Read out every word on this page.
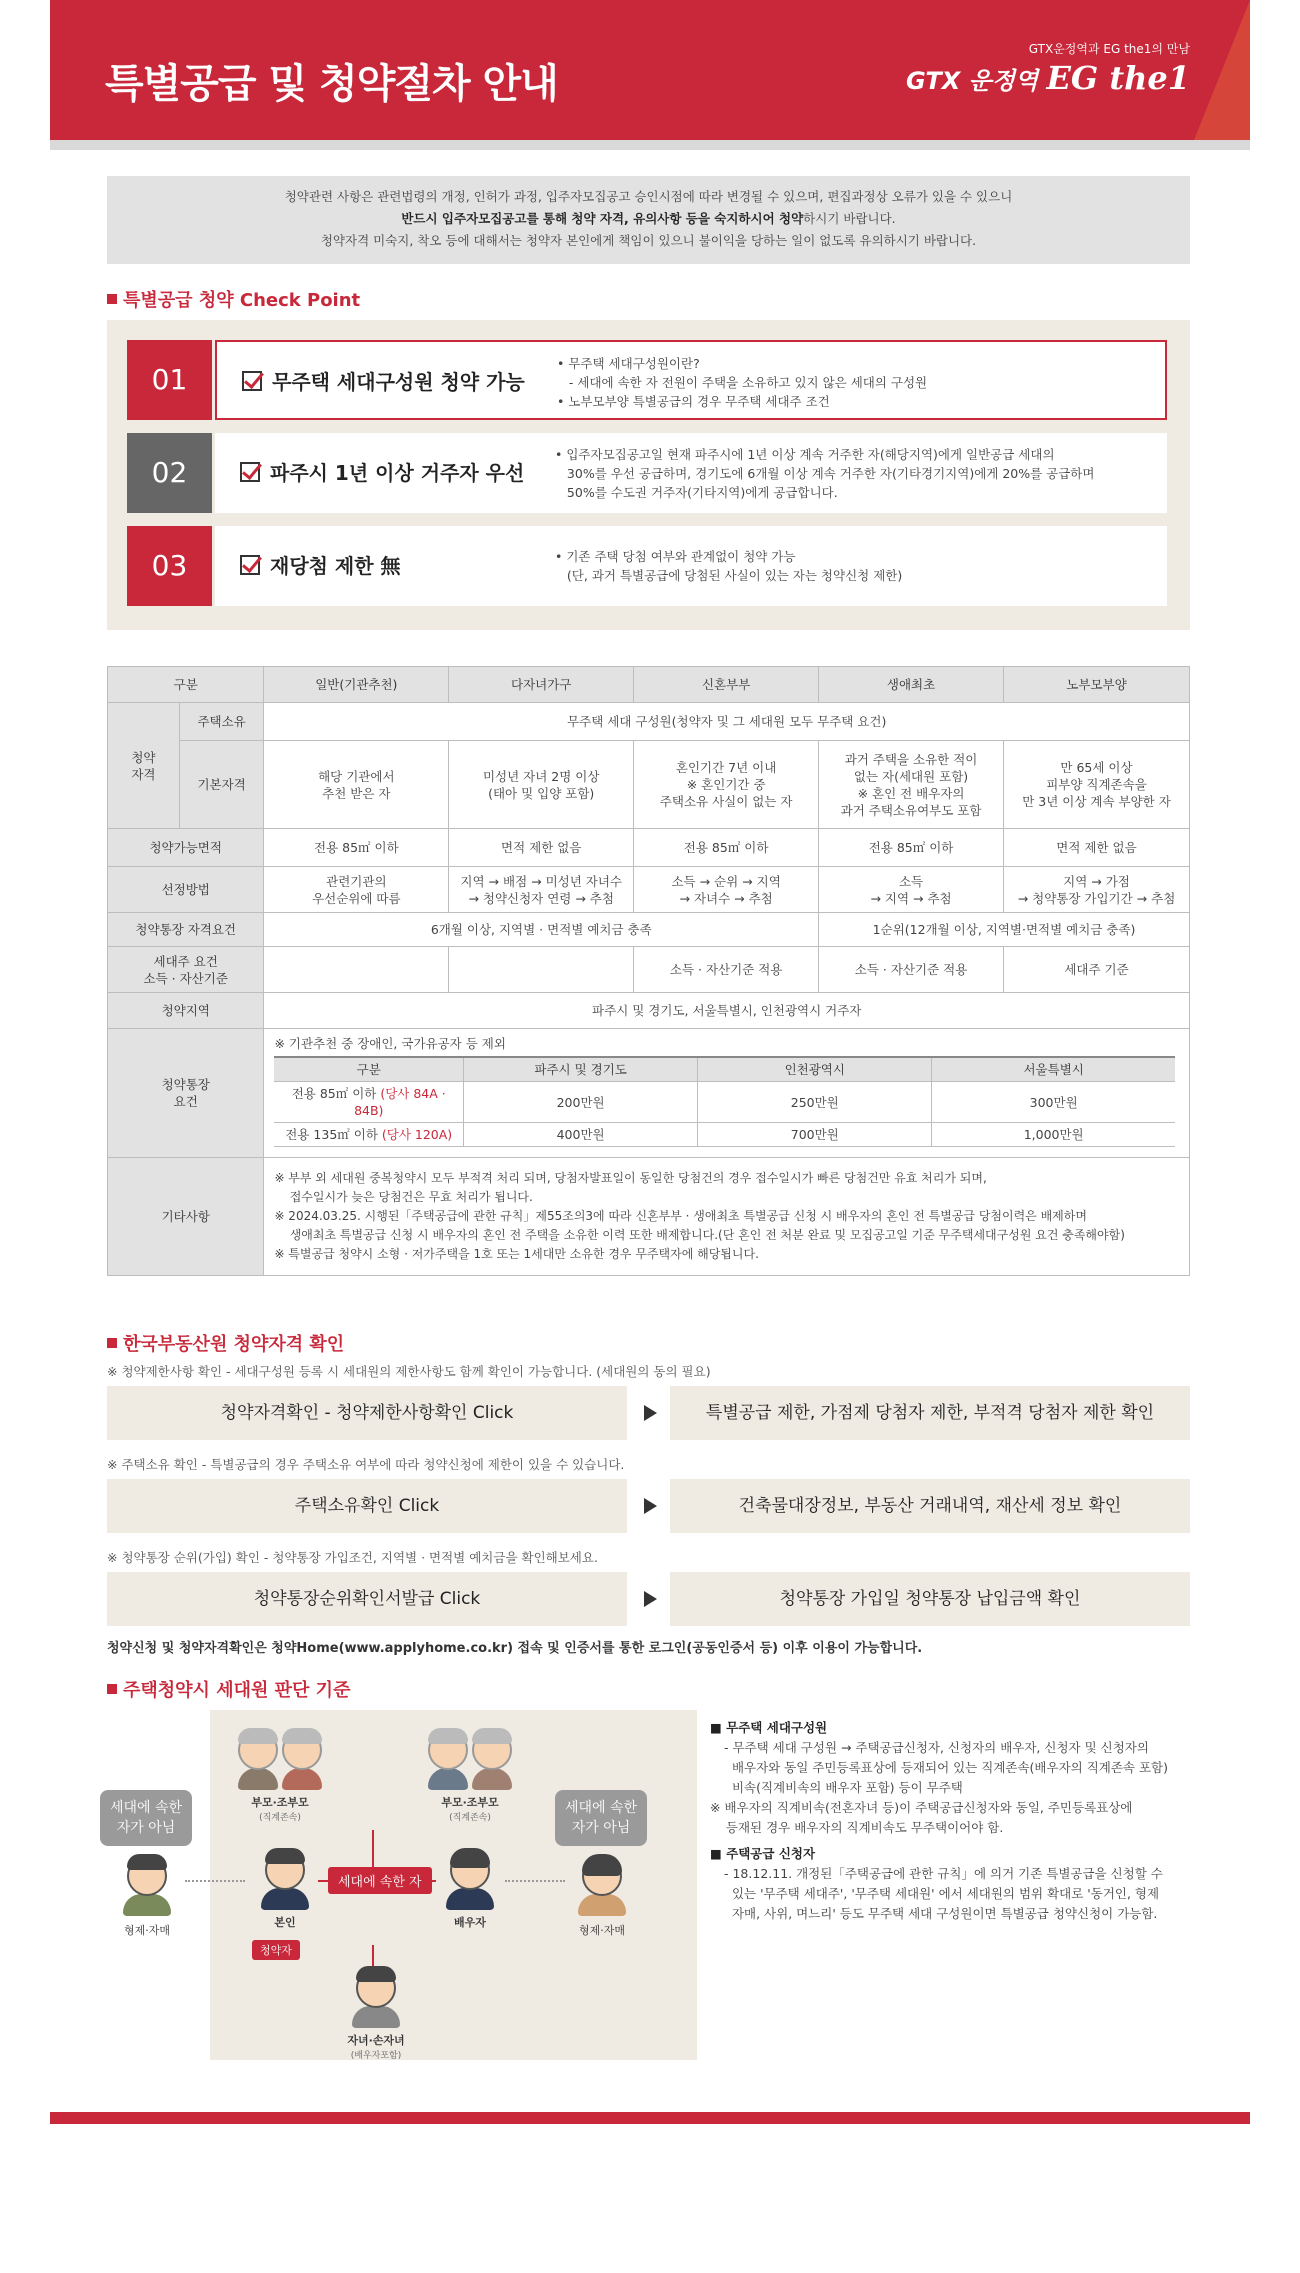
특별공급 및 청약절차 안내
GTX운정역과 EG the1의 만남
GTX 운정역 EG the1
청약관련 사항은 관련법령의 개정, 인허가 과정, 입주자모집공고 승인시점에 따라 변경될 수 있으며, 편집과정상 오류가 있을 수 있으니
반드시 입주자모집공고를 통해 청약 자격, 유의사항 등을 숙지하시어 청약하시기 바랍니다.
청약자격 미숙지, 착오 등에 대해서는 청약자 본인에게 책임이 있으니 불이익을 당하는 일이 없도록 유의하시기 바랍니다.
특별공급 청약 Check Point
01	무주택 세대구성원 청약 가능
• 무주택 세대구성원이란?
- 세대에 속한 자 전원이 주택을 소유하고 있지 않은 세대의 구성원
• 노부모부양 특별공급의 경우 무주택 세대주 조건
02	파주시 1년 이상 거주자 우선
• 입주자모집공고일 현재 파주시에 1년 이상 계속 거주한 자(해당지역)에게 일반공급 세대의
30%를 우선 공급하며, 경기도에 6개월 이상 계속 거주한 자(기타경기지역)에게 20%를 공급하며
50%를 수도권 거주자(기타지역)에게 공급합니다.
03	재당첨 제한 無	• 기존 주택 당첨 여부와 관계없이 청약 가능
(단, 과거 특별공급에 당첨된 사실이 있는 자는 청약신청 제한)
구분	일반(기관추천)	다자녀가구	신혼부부	생애최초	노부모부양
청약
자격	주택소유	무주택 세대 구성원(청약자 및 그 세대원 모두 무주택 요건)
기본자격	해당 기관에서
추천 받은 자	미성년 자녀 2명 이상
(태아 및 입양 포함)	혼인기간 7년 이내
※ 혼인기간 중
주택소유 사실이 없는 자	과거 주택을 소유한 적이
없는 자(세대원 포함)
※ 혼인 전 배우자의
과거 주택소유여부도 포함	만 65세 이상
피부양 직계존속을
만 3년 이상 계속 부양한 자
청약가능면적	전용 85㎡ 이하	면적 제한 없음	전용 85㎡ 이하	전용 85㎡ 이하	면적 제한 없음
선정방법	관련기관의
우선순위에 따름	지역 → 배점 → 미성년 자녀수
→ 청약신청자 연령 → 추첨	소득 → 순위 → 지역
→ 자녀수 → 추첨	소득
→ 지역 → 추첨	지역 → 가점
→ 청약통장 가입기간 → 추첨
청약통장 자격요건	6개월 이상, 지역별 · 면적별 예치금 충족	1순위(12개월 이상, 지역별·면적별 예치금 충족)
세대주 요건
소득 · 자산기준			소득 · 자산기준 적용	소득 · 자산기준 적용	세대주 기준
청약지역	파주시 및 경기도, 서울특별시, 인천광역시 거주자
청약통장
요건	
※ 기관추천 중 장애인, 국가유공자 등 제외
구분	파주시 및 경기도	인천광역시	서울특별시
전용 85㎡ 이하 (당사 84A · 84B)	200만원	250만원	300만원
전용 135㎡ 이하 (당사 120A)	400만원	700만원	1,000만원

기타사항	
※ 부부 외 세대원 중복청약시 모두 부적격 처리 되며, 당첨자발표일이 동일한 당첨건의 경우 접수일시가 빠른 당첨건만 유효 처리가 되며,
접수일시가 늦은 당첨건은 무효 처리가 됩니다.
※ 2024.03.25. 시행된「주택공급에 관한 규칙」제55조의3에 따라 신혼부부 · 생애최초 특별공급 신청 시 배우자의 혼인 전 특별공급 당첨이력은 배제하며
생애최초 특별공급 신청 시 배우자의 혼인 전 주택을 소유한 이력 또한 배제합니다.(단 혼인 전 처분 완료 및 모집공고일 기준 무주택세대구성원 요건 충족해야함)
※ 특별공급 청약시 소형 · 저가주택을 1호 또는 1세대만 소유한 경우 무주택자에 해당됩니다.
한국부동산원 청약자격 확인
※ 청약제한사항 확인 - 세대구성원 등록 시 세대원의 제한사항도 함께 확인이 가능합니다. (세대원의 동의 필요)
청약자격확인 - 청약제한사항확인 Click	특별공급 제한, 가점제 당첨자 제한, 부적격 당첨자 제한 확인
※ 주택소유 확인 - 특별공급의 경우 주택소유 여부에 따라 청약신청에 제한이 있을 수 있습니다.
주택소유확인 Click	건축물대장정보, 부동산 거래내역, 재산세 정보 확인
※ 청약통장 순위(가입) 확인 - 청약통장 가입조건, 지역별 · 면적별 예치금을 확인해보세요.
청약통장순위확인서발급 Click	청약통장 가입일 청약통장 납입금액 확인
청약신청 및 청약자격확인은 청약Home(www.applyhome.co.kr) 접속 및 인증서를 통한 로그인(공동인증서 등) 이후 이용이 가능합니다.
주택청약시 세대원 판단 기준
부모·조부모
(직계존속)
부모·조부모
(직계존속)
본인
청약자
세대에 속한 자
배우자
자녀·손자녀
(배우자포함)
세대에 속한
자가 아님
형제·자매
세대에 속한
자가 아님
형제·자매
■ 무주택 세대구성원
- 무주택 세대 구성원 → 주택공급신청자, 신청자의 배우자, 신청자 및 신청자의
배우자와 동일 주민등록표상에 등재되어 있는 직계존속(배우자의 직계존속 포함)
비속(직계비속의 배우자 포함) 등이 무주택
※ 배우자의 직계비속(전혼자녀 등)이 주택공급신청자와 동일, 주민등록표상에
등재된 경우 배우자의 직계비속도 무주택이어야 함.
■ 주택공급 신청자
- 18.12.11. 개정된「주택공급에 관한 규칙」에 의거 기존 특별공급을 신청할 수
있는 '무주택 세대주', '무주택 세대원' 에서 세대원의 범위 확대로 '동거인, 형제
자매, 사위, 며느리' 등도 무주택 세대 구성원이면 특별공급 청약신청이 가능함.
